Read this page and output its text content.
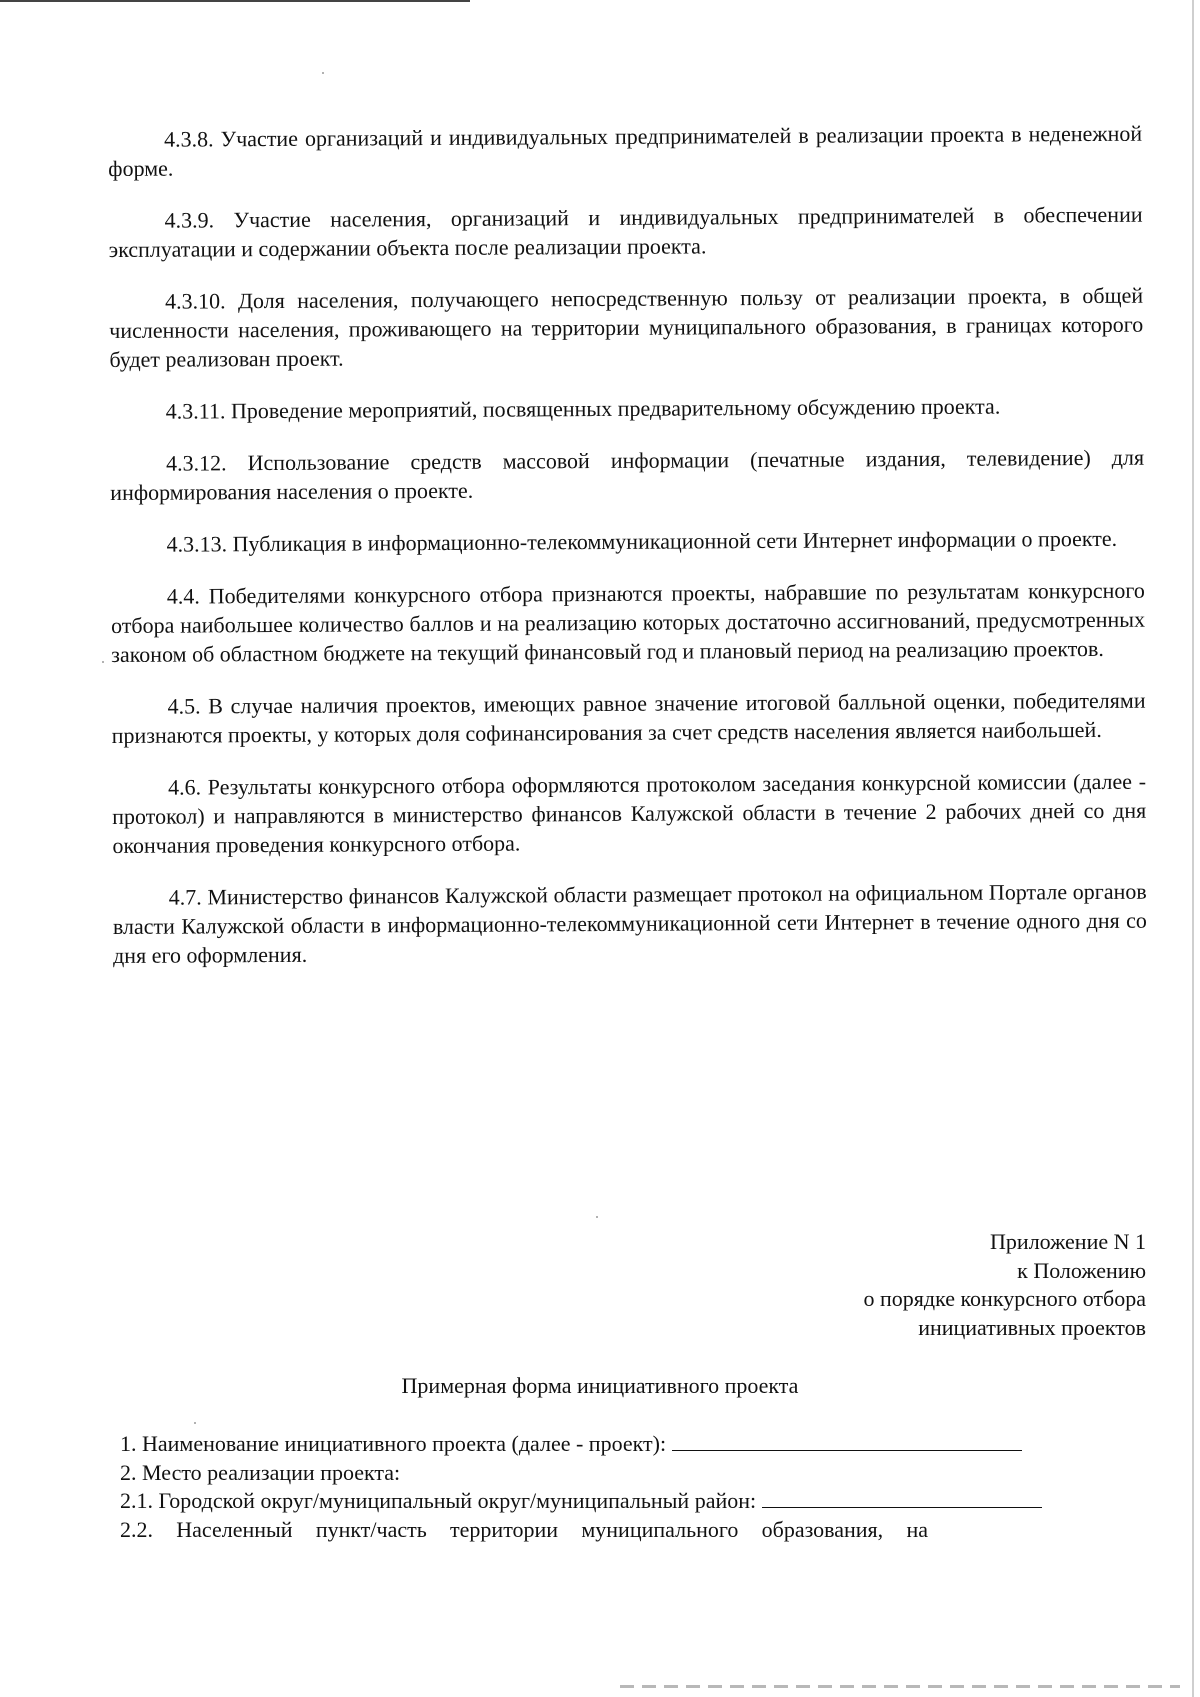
4.3.8. Участие организаций и индивидуальных предпринимателей в реализации проекта в неденежной форме.

4.3.9. Участие населения, организаций и индивидуальных предпринимателей в обеспечении эксплуатации и содержании объекта после реализации проекта.

4.3.10. Доля населения, получающего непосредственную пользу от реализации проекта, в общей численности населения, проживающего на территории муниципального образования, в границах которого будет реализован проект.

4.3.11. Проведение мероприятий, посвященных предварительному обсуждению проекта.

4.3.12. Использование средств массовой информации (печатные издания, телевидение) для информирования населения о проекте.

4.3.13. Публикация в информационно-телекоммуникационной сети Интернет информации о проекте.

4.4. Победителями конкурсного отбора признаются проекты, набравшие по результатам конкурсного отбора наибольшее количество баллов и на реализацию которых достаточно ассигнований, предусмотренных законом об областном бюджете на текущий финансовый год и плановый период на реализацию проектов.

4.5. В случае наличия проектов, имеющих равное значение итоговой балльной оценки, победителями признаются проекты, у которых доля софинансирования за счет средств населения является наибольшей.

4.6. Результаты конкурсного отбора оформляются протоколом заседания конкурсной комиссии (далее - протокол) и направляются в министерство финансов Калужской области в течение 2 рабочих дней со дня окончания проведения конкурсного отбора.

4.7. Министерство финансов Калужской области размещает протокол на официальном Портале органов власти Калужской области в информационно-телекоммуникационной сети Интернет в течение одного дня со дня его оформления.

Приложение N 1
к Положению
о порядке конкурсного отбора
инициативных проектов
Примерная форма инициативного проекта
1. Наименование инициативного проекта (далее - проект):
2. Место реализации проекта:
2.1. Городской округ/муниципальный округ/муниципальный район:
2.2. Населенный пункт/часть территории муниципального образования, на
